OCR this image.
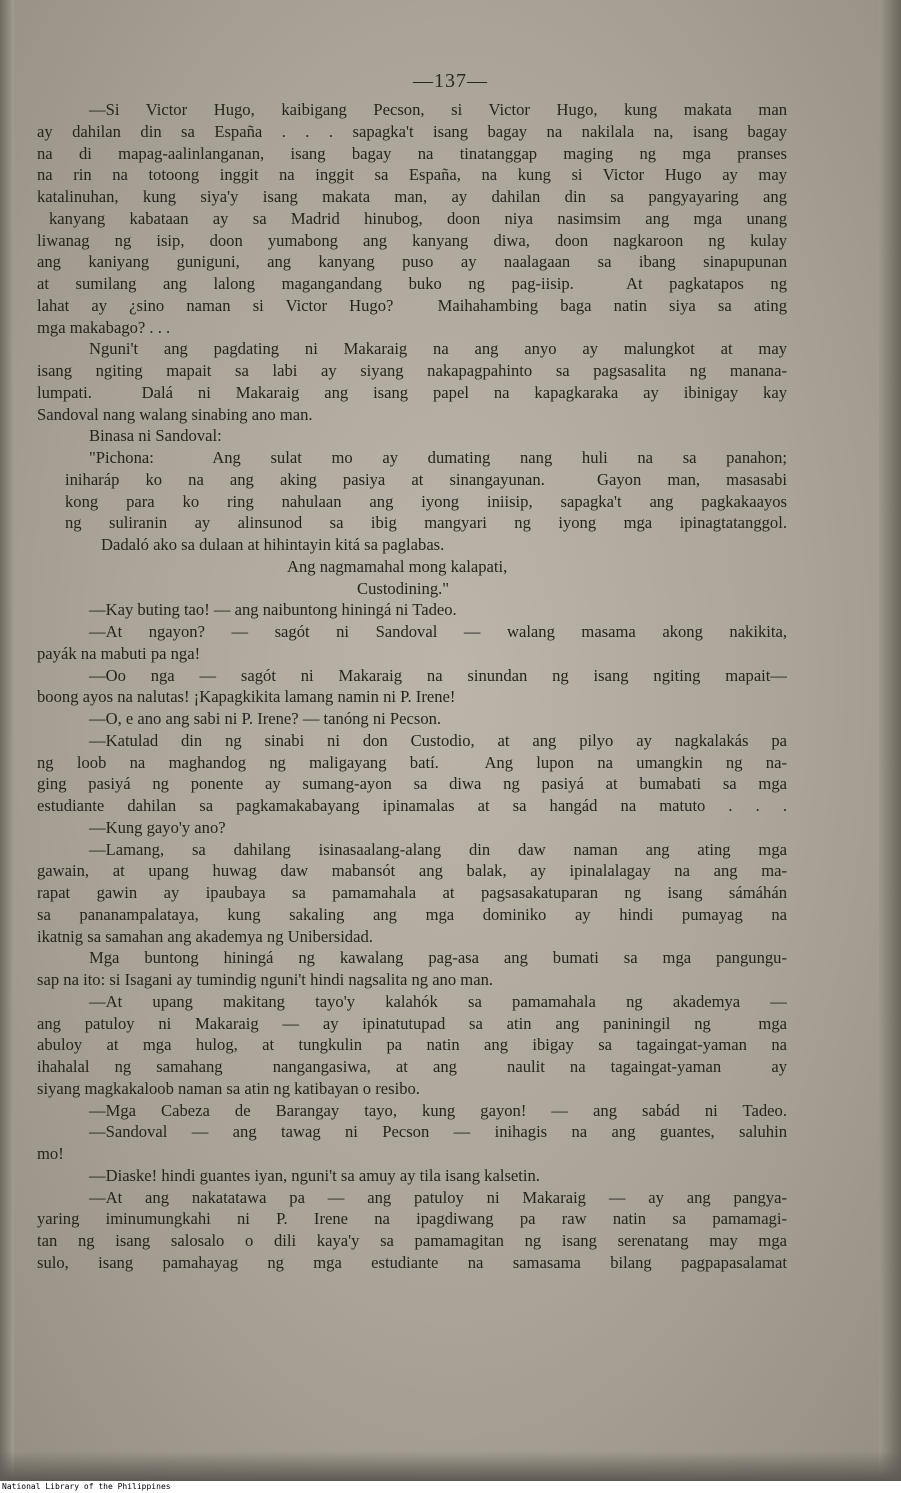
—137—
—Si Victor Hugo, kaibigang Pecson, si Victor Hugo, kung makata man
ay dahilan din sa España . . . sapagka't isang bagay na nakilala na, isang bagay
na di mapag-aalinlanganan, isang bagay na tinatanggap maging ng mga pranses
na rin na totoong inggit na inggit sa España, na kung si Victor Hugo ay may
katalinuhan, kung siya'y isang makata man, ay dahilan din sa pangyayaring ang
kanyang kabataan ay sa Madrid hinubog, doon niya nasimsim ang mga unang
liwanag ng isip, doon yumabong ang kanyang diwa, doon nagkaroon ng kulay
ang kaniyang guniguni, ang kanyang puso ay naalagaan sa ibang sinapupunan
at sumilang ang lalong magangandang buko ng pag-iisip.  At pagkatapos ng
lahat ay ¿sino naman si Victor Hugo?  Maihahambing baga natin siya sa ating
mga makabago? . . .
Nguni't ang pagdating ni Makaraig na ang anyo ay malungkot at may
isang ngiting mapait sa labi ay siyang nakapagpahinto sa pagsasalita ng manana-
lumpati.  Dalá ni Makaraig ang isang papel na kapagkaraka ay ibinigay kay
Sandoval nang walang sinabing ano man.
Binasa ni Sandoval:
"Pichona:  Ang sulat mo ay dumating nang huli na sa panahon;
iniharáp ko na ang aking pasiya at sinangayunan.  Gayon man, masasabi
kong para ko ring nahulaan ang iyong iniisip, sapagka't ang pagkakaayos
ng suliranin ay alinsunod sa ibig mangyari ng iyong mga ipinagtatanggol.
Dadaló ako sa dulaan at hihintayin kitá sa paglabas.
Ang nagmamahal mong kalapati,
Custodining."
—Kay buting tao! — ang naibuntong hiningá ni Tadeo.
—At ngayon? — sagót ni Sandoval — walang masama akong nakikita,
payák na mabuti pa nga!
—Oo nga — sagót ni Makaraig na sinundan ng isang ngiting mapait—
boong ayos na nalutas! ¡Kapagkikita lamang namin ni P. Irene!
—O, e ano ang sabi ni P. Irene? — tanóng ni Pecson.
—Katulad din ng sinabi ni don Custodio, at ang pilyo ay nagkalakás pa
ng loob na maghandog ng maligayang batí.  Ang lupon na umangkin ng na-
ging pasiyá ng ponente ay sumang-ayon sa diwa ng pasiyá at bumabati sa mga
estudiante dahilan sa pagkamakabayang ipinamalas at sa hangád na matuto . . .
—Kung gayo'y ano?
—Lamang, sa dahilang isinasaalang-alang din daw naman ang ating mga
gawain, at upang huwag daw mabansót ang balak, ay ipinalalagay na ang ma-
rapat gawin ay ipaubaya sa pamamahala at pagsasakatuparan ng isang sámáhán
sa pananampalataya, kung sakaling ang mga dominiko ay hindi pumayag na
ikatnig sa samahan ang akademya ng Unibersidad.
Mga buntong hiningá ng kawalang pag-asa ang bumati sa mga pangungu-
sap na ito: si Isagani ay tumindig nguni't hindi nagsalita ng ano man.
—At upang makitang tayo'y kalahók sa pamamahala ng akademya —
ang patuloy ni Makaraig — ay ipinatutupad sa atin ang paniningil ng  mga
abuloy at mga hulog, at tungkulin pa natin ang ibigay sa tagaingat-yaman na
ihahalal ng samahang  nangangasiwa, at ang  naulit na tagaingat-yaman  ay
siyang magkakaloob naman sa atin ng katibayan o resibo.
—Mga Cabeza de Barangay tayo, kung gayon! — ang sabád ni Tadeo.
—Sandoval — ang tawag ni Pecson — inihagis na ang guantes, saluhin
mo!
—Diaske! hindi guantes iyan, nguni't sa amuy ay tila isang kalsetin.
—At ang nakatatawa pa — ang patuloy ni Makaraig — ay ang pangya-
yaring iminumungkahi ni P. Irene na ipagdiwang pa raw natin sa pamamagi-
tan ng isang salosalo o dili kaya'y sa pamamagitan ng isang serenatang may mga
sulo, isang pamahayag ng mga estudiante na samasama bilang pagpapasalamat
National Library of the Philippines
